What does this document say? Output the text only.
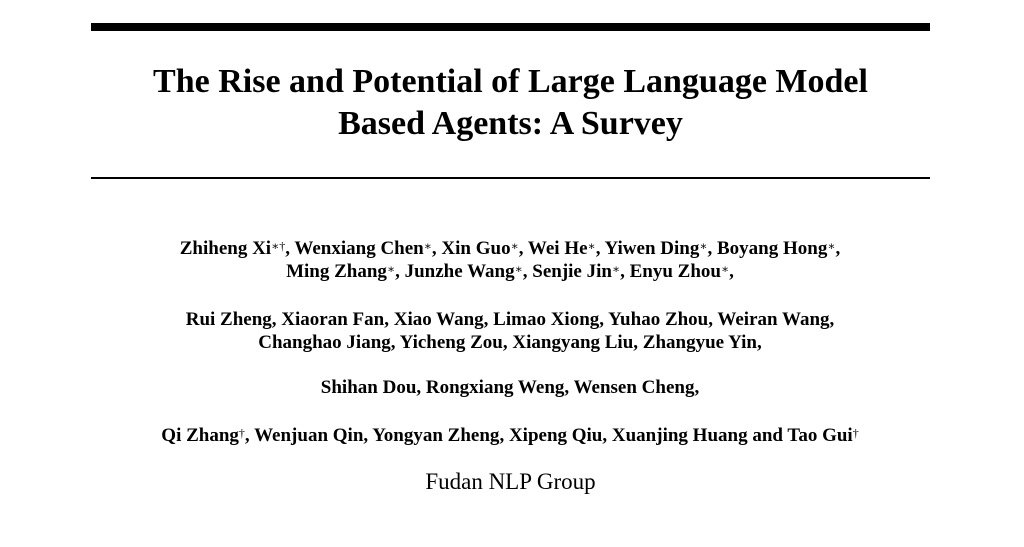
The Rise and Potential of Large Language Model
Based Agents: A Survey
Zhiheng Xi∗†, Wenxiang Chen∗, Xin Guo∗, Wei He∗, Yiwen Ding∗, Boyang Hong∗,
Ming Zhang∗, Junzhe Wang∗, Senjie Jin∗, Enyu Zhou∗,
Rui Zheng, Xiaoran Fan, Xiao Wang, Limao Xiong, Yuhao Zhou, Weiran Wang,
Changhao Jiang, Yicheng Zou, Xiangyang Liu, Zhangyue Yin,
Shihan Dou, Rongxiang Weng, Wensen Cheng,
Qi Zhang†, Wenjuan Qin, Yongyan Zheng, Xipeng Qiu, Xuanjing Huang and Tao Gui†

Fudan NLP Group
